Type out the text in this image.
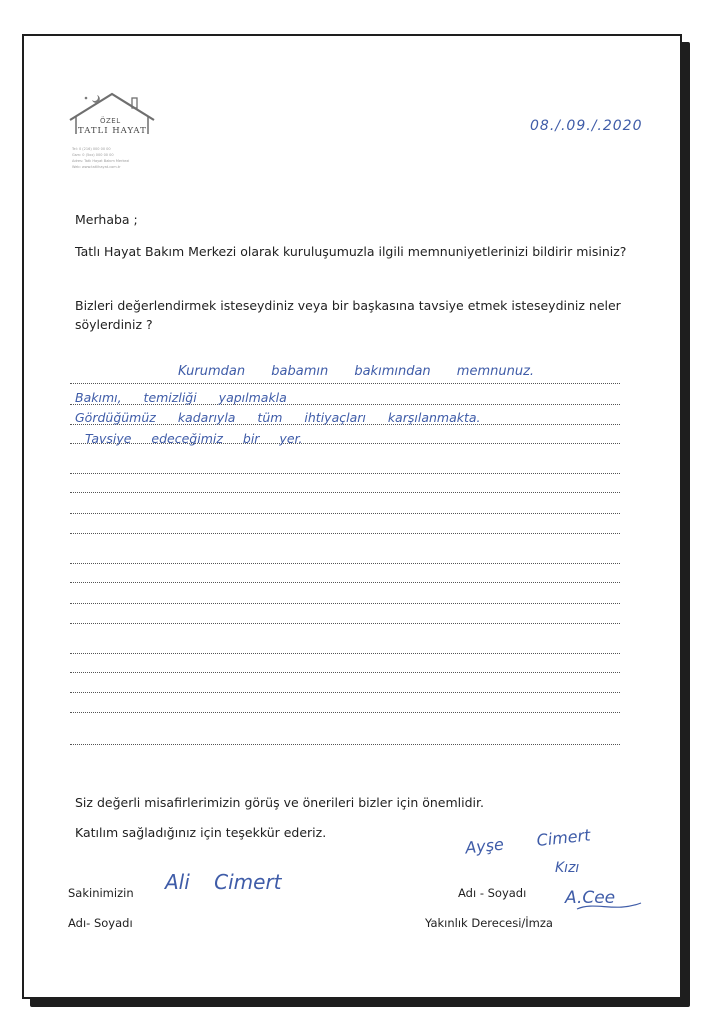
ÖZEL
TATLI HAYAT
Tel: 0 (216) 000 00 00
Gsm: 0 (5xx) 000 00 00
Adres: Tatlı Hayat Bakım Merkezi
Web: www.tatlihayat.com.tr
08./.09./.2020
Merhaba ;
Tatlı Hayat Bakım Merkezi olarak kuruluşumuzla ilgili memnuniyetlerinizi bildirir misiniz?
Bizleri değerlendirmek isteseydiniz veya bir başkasına tavsiye etmek isteseydiniz neler söylerdiniz ?
Kurumdan babamın bakımından memnunuz.
Bakımı, temizliği yapılmakla
Gördüğümüz kadarıyla tüm ihtiyaçları karşılanmakta.
Tavsiye edeceğimiz bir yer.
Siz değerli misafirlerimizin görüş ve önerileri bizler için önemlidir.
Katılım sağladığınız için teşekkür ederiz.
Sakinimizin
Adı- Soyadı
Ali Cimert
Ayşe Cimert
Kızı
Adı - Soyadı A.Cee
Yakınlık Derecesi/İmza
